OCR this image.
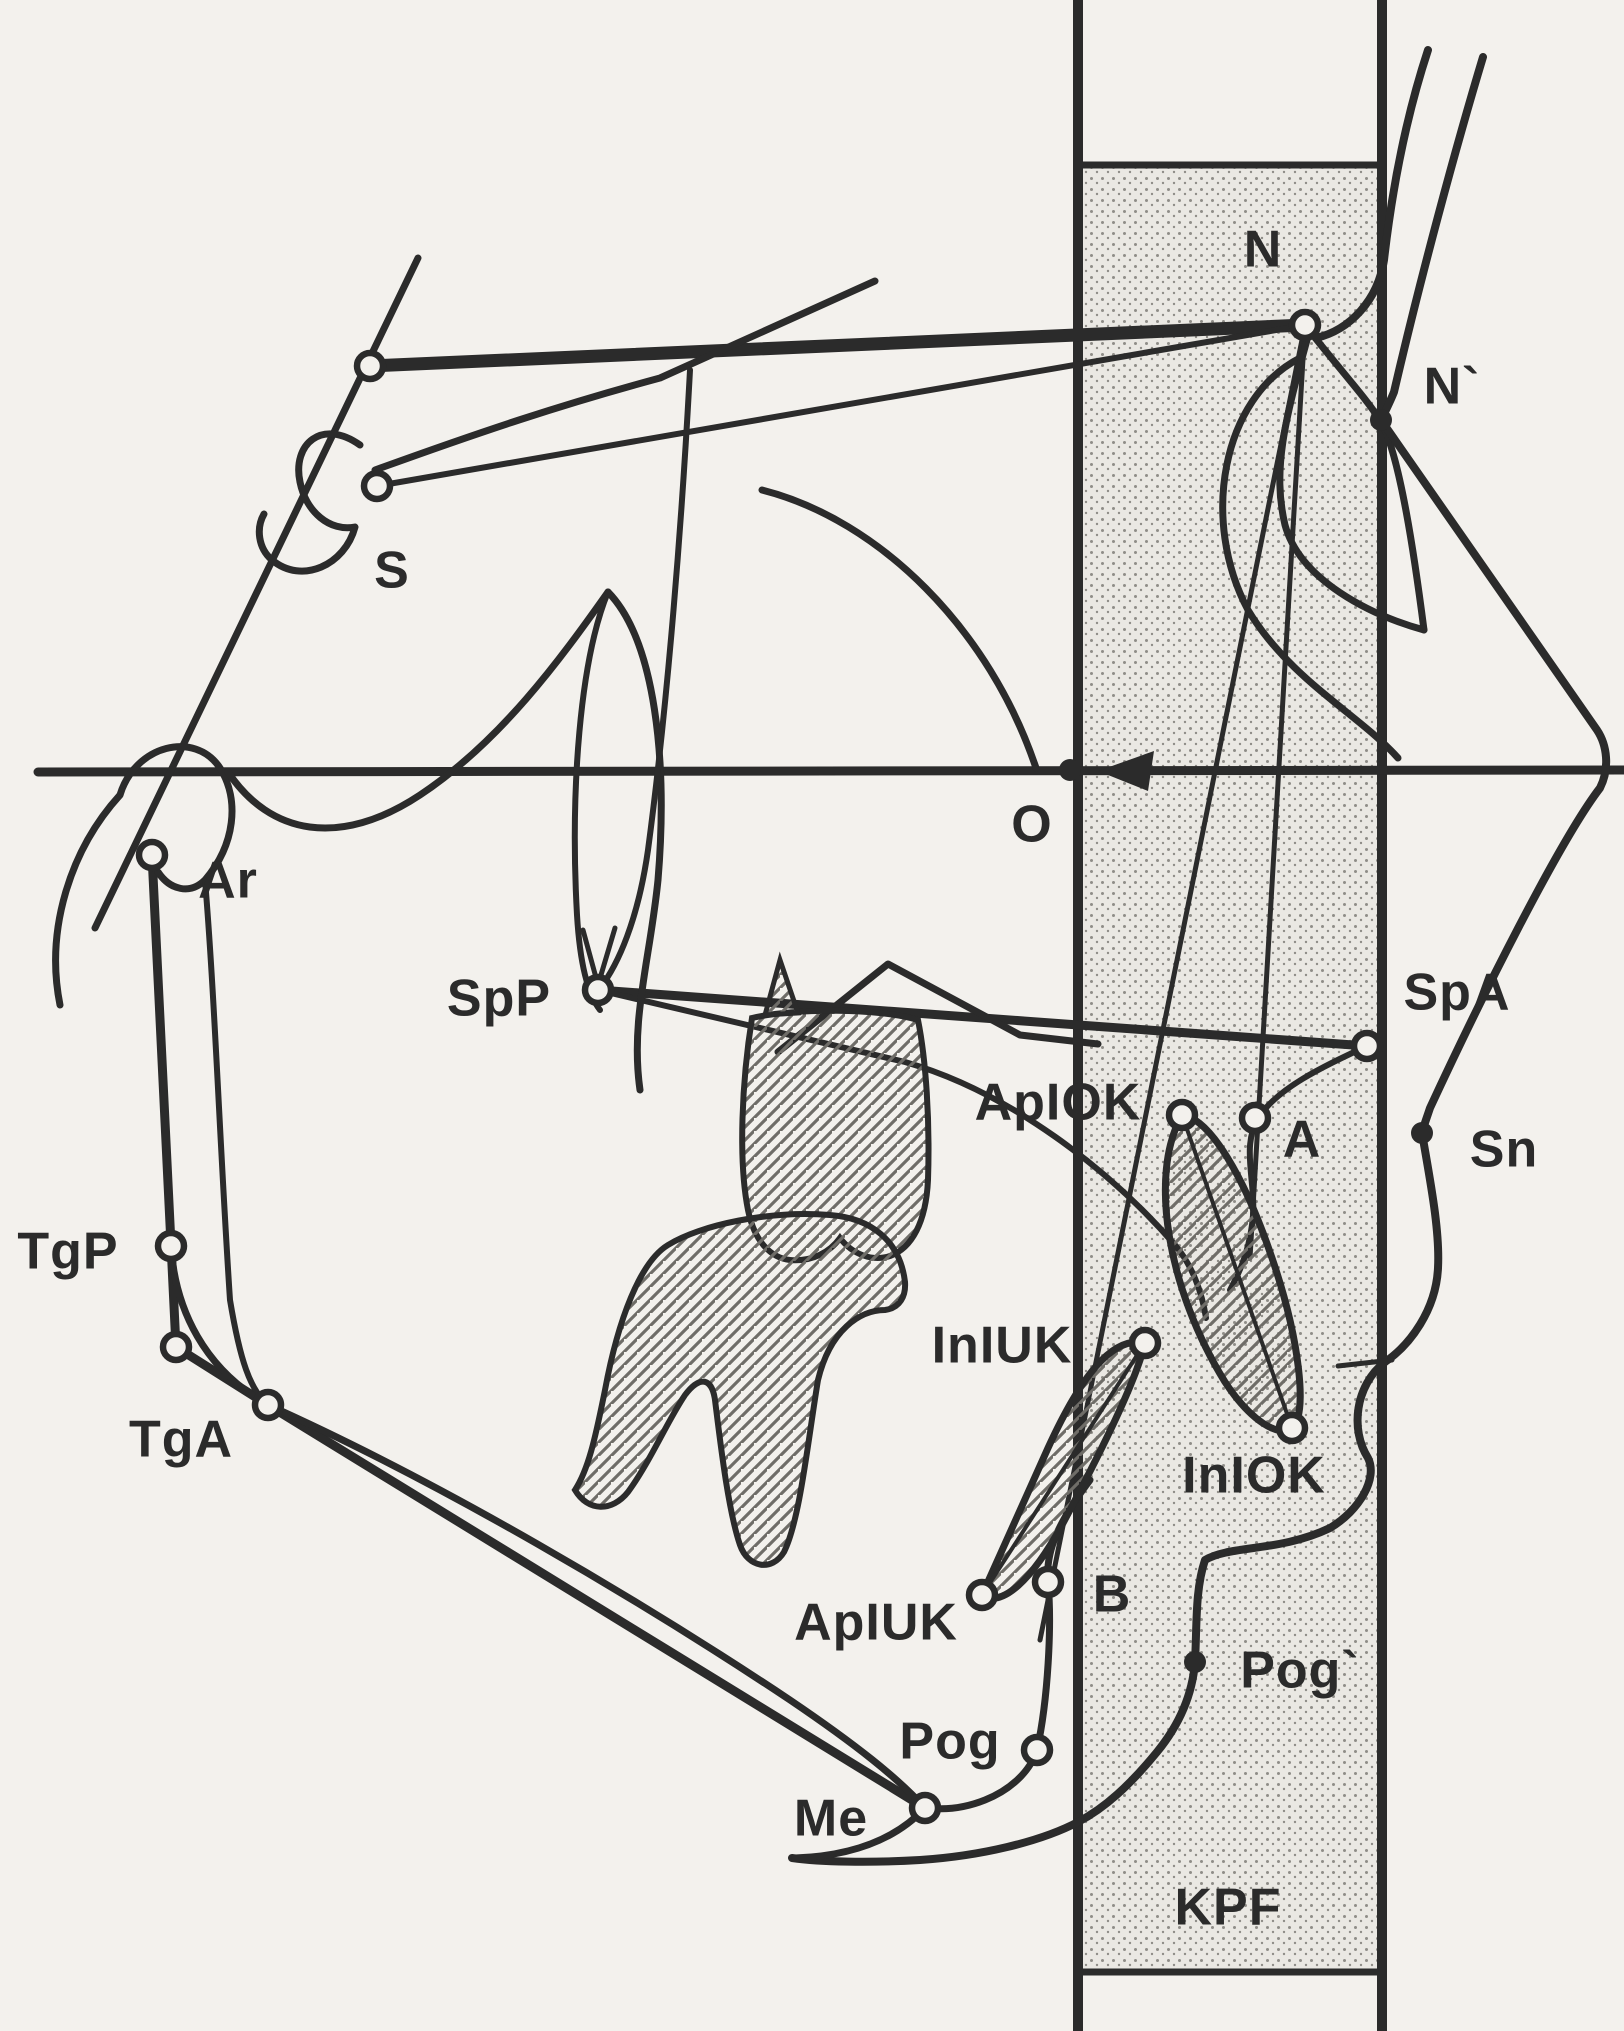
S
N
N`
Ar
O
SpP	SpA
ApIOK
A	Sn
TgP
TgA
InIUK
InIOK
ApIUK	B
Pog
Pog`
Me
KPF
